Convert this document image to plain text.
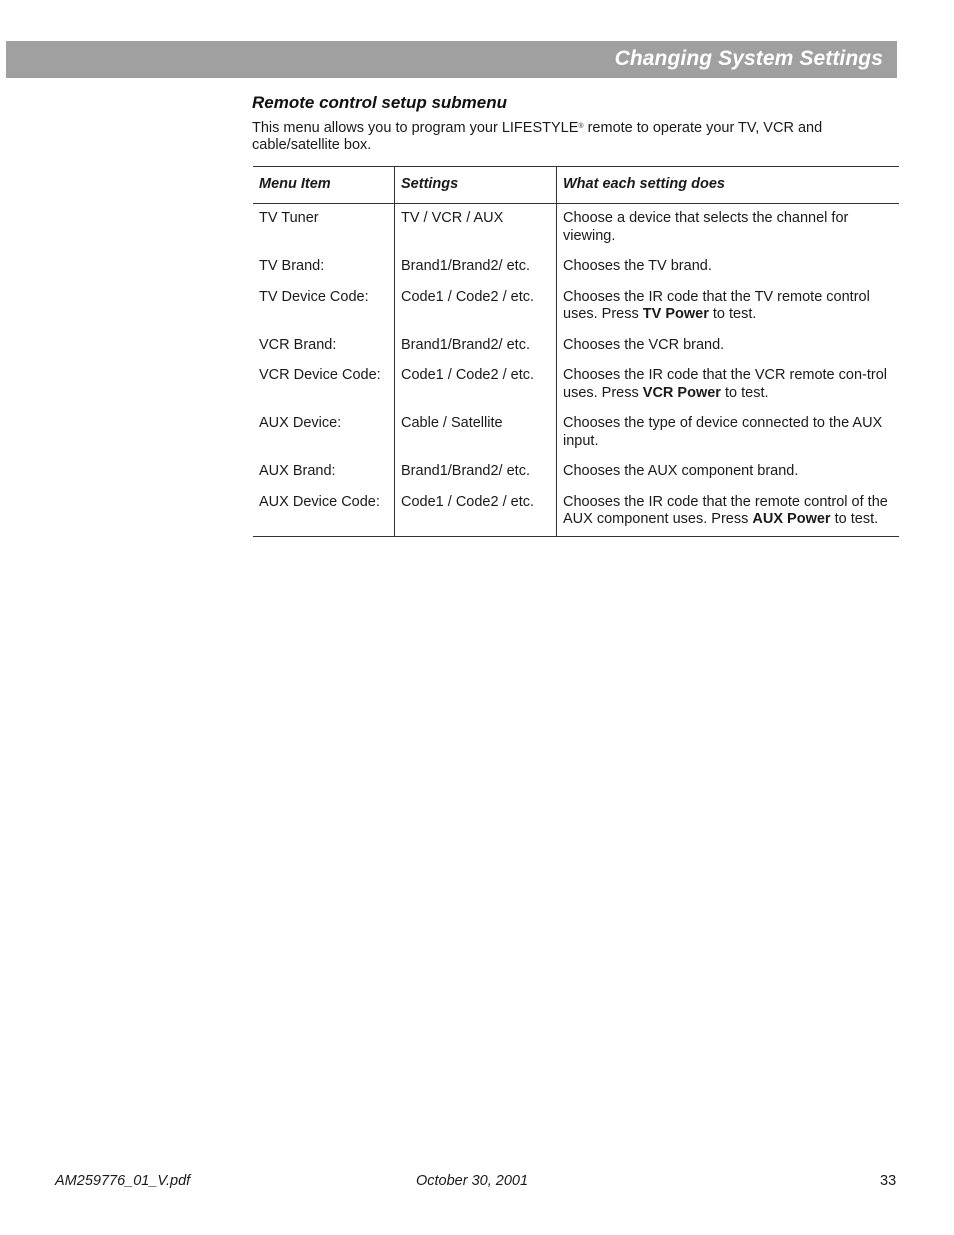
Changing System Settings
Remote control setup submenu
This menu allows you to program your LIFESTYLE® remote to operate your TV, VCR and cable/satellite box.
Menu Item	Settings	What each setting does
TV Tuner	TV / VCR / AUX	Choose a device that selects the channel for viewing.
TV Brand:	Brand1/Brand2/ etc.	Chooses the TV brand.
TV Device Code:	Code1 / Code2 / etc.	Chooses the IR code that the TV remote control uses. Press TV Power to test.
VCR Brand:	Brand1/Brand2/ etc.	Chooses the VCR brand.
VCR Device Code:	Code1 / Code2 / etc.	Chooses the IR code that the VCR remote con-trol uses. Press VCR Power to test.
AUX Device:	Cable / Satellite	Chooses the type of device connected to the AUX input.
AUX Brand:	Brand1/Brand2/ etc.	Chooses the AUX component brand.
AUX Device Code:	Code1 / Code2 / etc.	Chooses the IR code that the remote control of the AUX component uses. Press AUX Power to test.
AM259776_01_V.pdf	October 30, 2001	33
